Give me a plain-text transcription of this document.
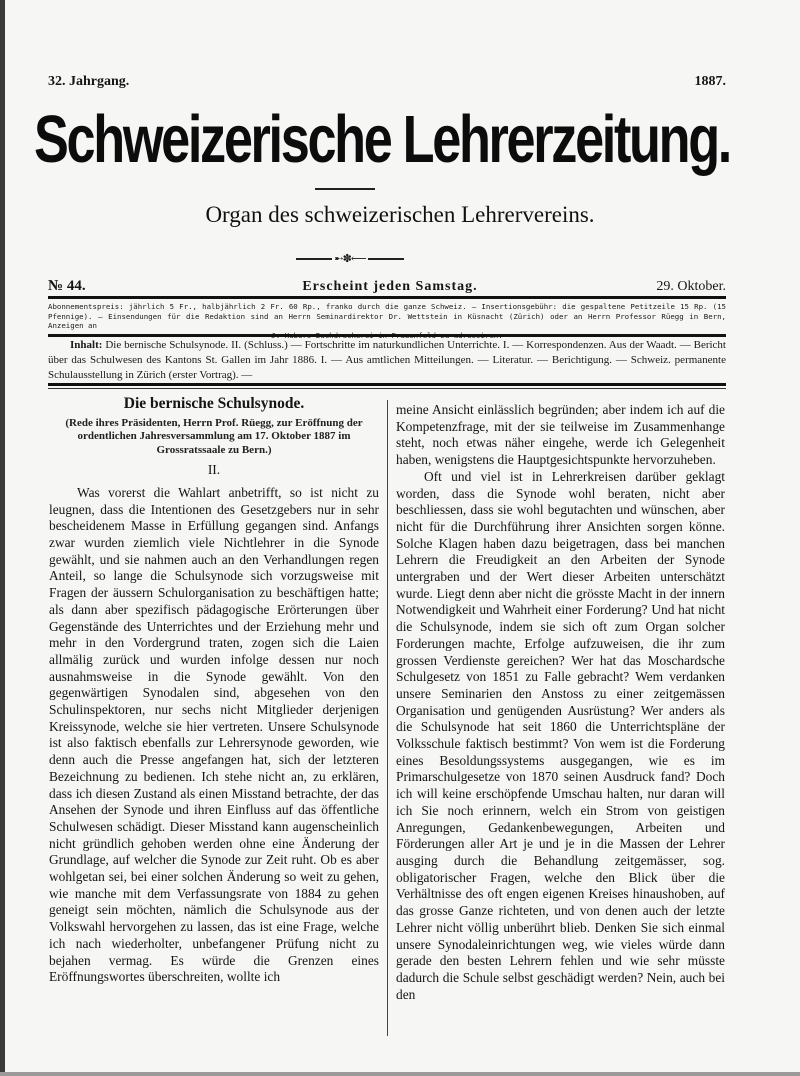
32. Jahrgang.	1887.
Schweizerische Lehrerzeitung.
Organ des schweizerischen Lehrervereins.
➸✽⟵
№ 44.	Erscheint jeden Samstag.	29. Oktober.
Abonnementspreis: jährlich 5 Fr., halbjährlich 2 Fr. 60 Rp., franko durch die ganze Schweiz. — Insertionsgebühr: die gespaltene Petitzeile 15 Rp. (15 Pfennige). — Einsendungen für die Redaktion sind an Herrn Seminardirektor Dr. Wettstein in Küsnacht (Zürich) oder an Herrn Professor Rüegg in Bern, Anzeigen an
Inhalt: Die bernische Schulsynode. II. (Schluss.) — Fortschritte im naturkundlichen Unterrichte. I. — Korrespondenzen. Aus der Waadt. — Bericht über das Schulwesen des Kantons St. Gallen im Jahr 1886. I. — Aus amtlichen Mitteilungen. — Literatur. — Berichtigung. — Schweiz. permanente Schulausstellung in Zürich (erster Vortrag). —
Die bernische Schulsynode.
(Rede ihres Präsidenten, Herrn Prof. Rüegg, zur Eröffnung der ordentlichen Jahresversammlung am 17. Oktober 1887 im Grossratssaale zu Bern.)
II.

Was vorerst die Wahlart anbetrifft, so ist nicht zu leugnen, dass die Intentionen des Gesetzgebers nur in sehr bescheidenem Masse in Erfüllung gegangen sind. Anfangs zwar wurden ziemlich viele Nichtlehrer in die Synode gewählt, und sie nahmen auch an den Verhandlungen regen Anteil, so lange die Schulsynode sich vorzugsweise mit Fragen der äussern Schulorganisation zu beschäftigen hatte; als dann aber spezifisch pädagogische Erörterungen über Gegenstände des Unterrichtes und der Erziehung mehr und mehr in den Vordergrund traten, zogen sich die Laien allmälig zurück und wurden infolge dessen nur noch ausnahmsweise in die Synode gewählt. Von den gegenwärtigen Synodalen sind, abgesehen von den Schulinspektoren, nur sechs nicht Mitglieder derjenigen Kreissynode, welche sie hier vertreten. Unsere Schulsynode ist also faktisch ebenfalls zur Lehrersynode geworden, wie denn auch die Presse angefangen hat, sich der letzteren Bezeichnung zu bedienen. Ich stehe nicht an, zu erklären, dass ich diesen Zustand als einen Misstand betrachte, der das Ansehen der Synode und ihren Einfluss auf das öffentliche Schulwesen schädigt. Dieser Misstand kann augenscheinlich nicht gründlich gehoben werden ohne eine Änderung der Grundlage, auf welcher die Synode zur Zeit ruht. Ob es aber wohlgetan sei, bei einer solchen Änderung so weit zu gehen, wie manche mit dem Verfassungsrate von 1884 zu gehen geneigt sein möchten, nämlich die Schulsynode aus der Volkswahl hervorgehen zu lassen, das ist eine Frage, welche ich nach wiederholter, unbefangener Prüfung nicht zu bejahen vermag. Es würde die Grenzen eines Eröffnungswortes überschreiten, wollte ich

meine Ansicht einlässlich begründen; aber indem ich auf die Kompetenzfrage, mit der sie teilweise im Zusammenhange steht, noch etwas näher eingehe, werde ich Gelegenheit haben, wenigstens die Hauptgesichtspunkte hervorzuheben.

Oft und viel ist in Lehrerkreisen darüber geklagt worden, dass die Synode wohl beraten, nicht aber beschliessen, dass sie wohl begutachten und wünschen, aber nicht für die Durchführung ihrer Ansichten sorgen könne. Solche Klagen haben dazu beigetragen, dass bei manchen Lehrern die Freudigkeit an den Arbeiten der Synode untergraben und der Wert dieser Arbeiten unterschätzt wurde. Liegt denn aber nicht die grösste Macht in der innern Notwendigkeit und Wahrheit einer Forderung? Und hat nicht die Schulsynode, indem sie sich oft zum Organ solcher Forderungen machte, Erfolge aufzuweisen, die ihr zum grossen Verdienste gereichen? Wer hat das Moschardsche Schulgesetz von 1851 zu Falle gebracht? Wem verdanken unsere Seminarien den Anstoss zu einer zeitgemässen Organisation und genügenden Ausrüstung? Wer anders als die Schulsynode hat seit 1860 die Unterrichtspläne der Volksschule faktisch bestimmt? Von wem ist die Forderung eines Besoldungssystems ausgegangen, wie es im Primarschulgesetze von 1870 seinen Ausdruck fand? Doch ich will keine erschöpfende Umschau halten, nur daran will ich Sie noch erinnern, welch ein Strom von geistigen Anregungen, Gedankenbewegungen, Arbeiten und Förderungen aller Art je und je in die Massen der Lehrer ausging durch die Behandlung zeitgemässer, sog. obligatorischer Fragen, welche den Blick über die Verhältnisse des oft engen eigenen Kreises hinaushoben, auf das grosse Ganze richteten, und von denen auch der letzte Lehrer nicht völlig unberührt blieb. Denken Sie sich einmal unsere Synodaleinrichtungen weg, wie vieles würde dann gerade den besten Lehrern fehlen und wie sehr müsste dadurch die Schule selbst geschädigt werden? Nein, auch bei den
